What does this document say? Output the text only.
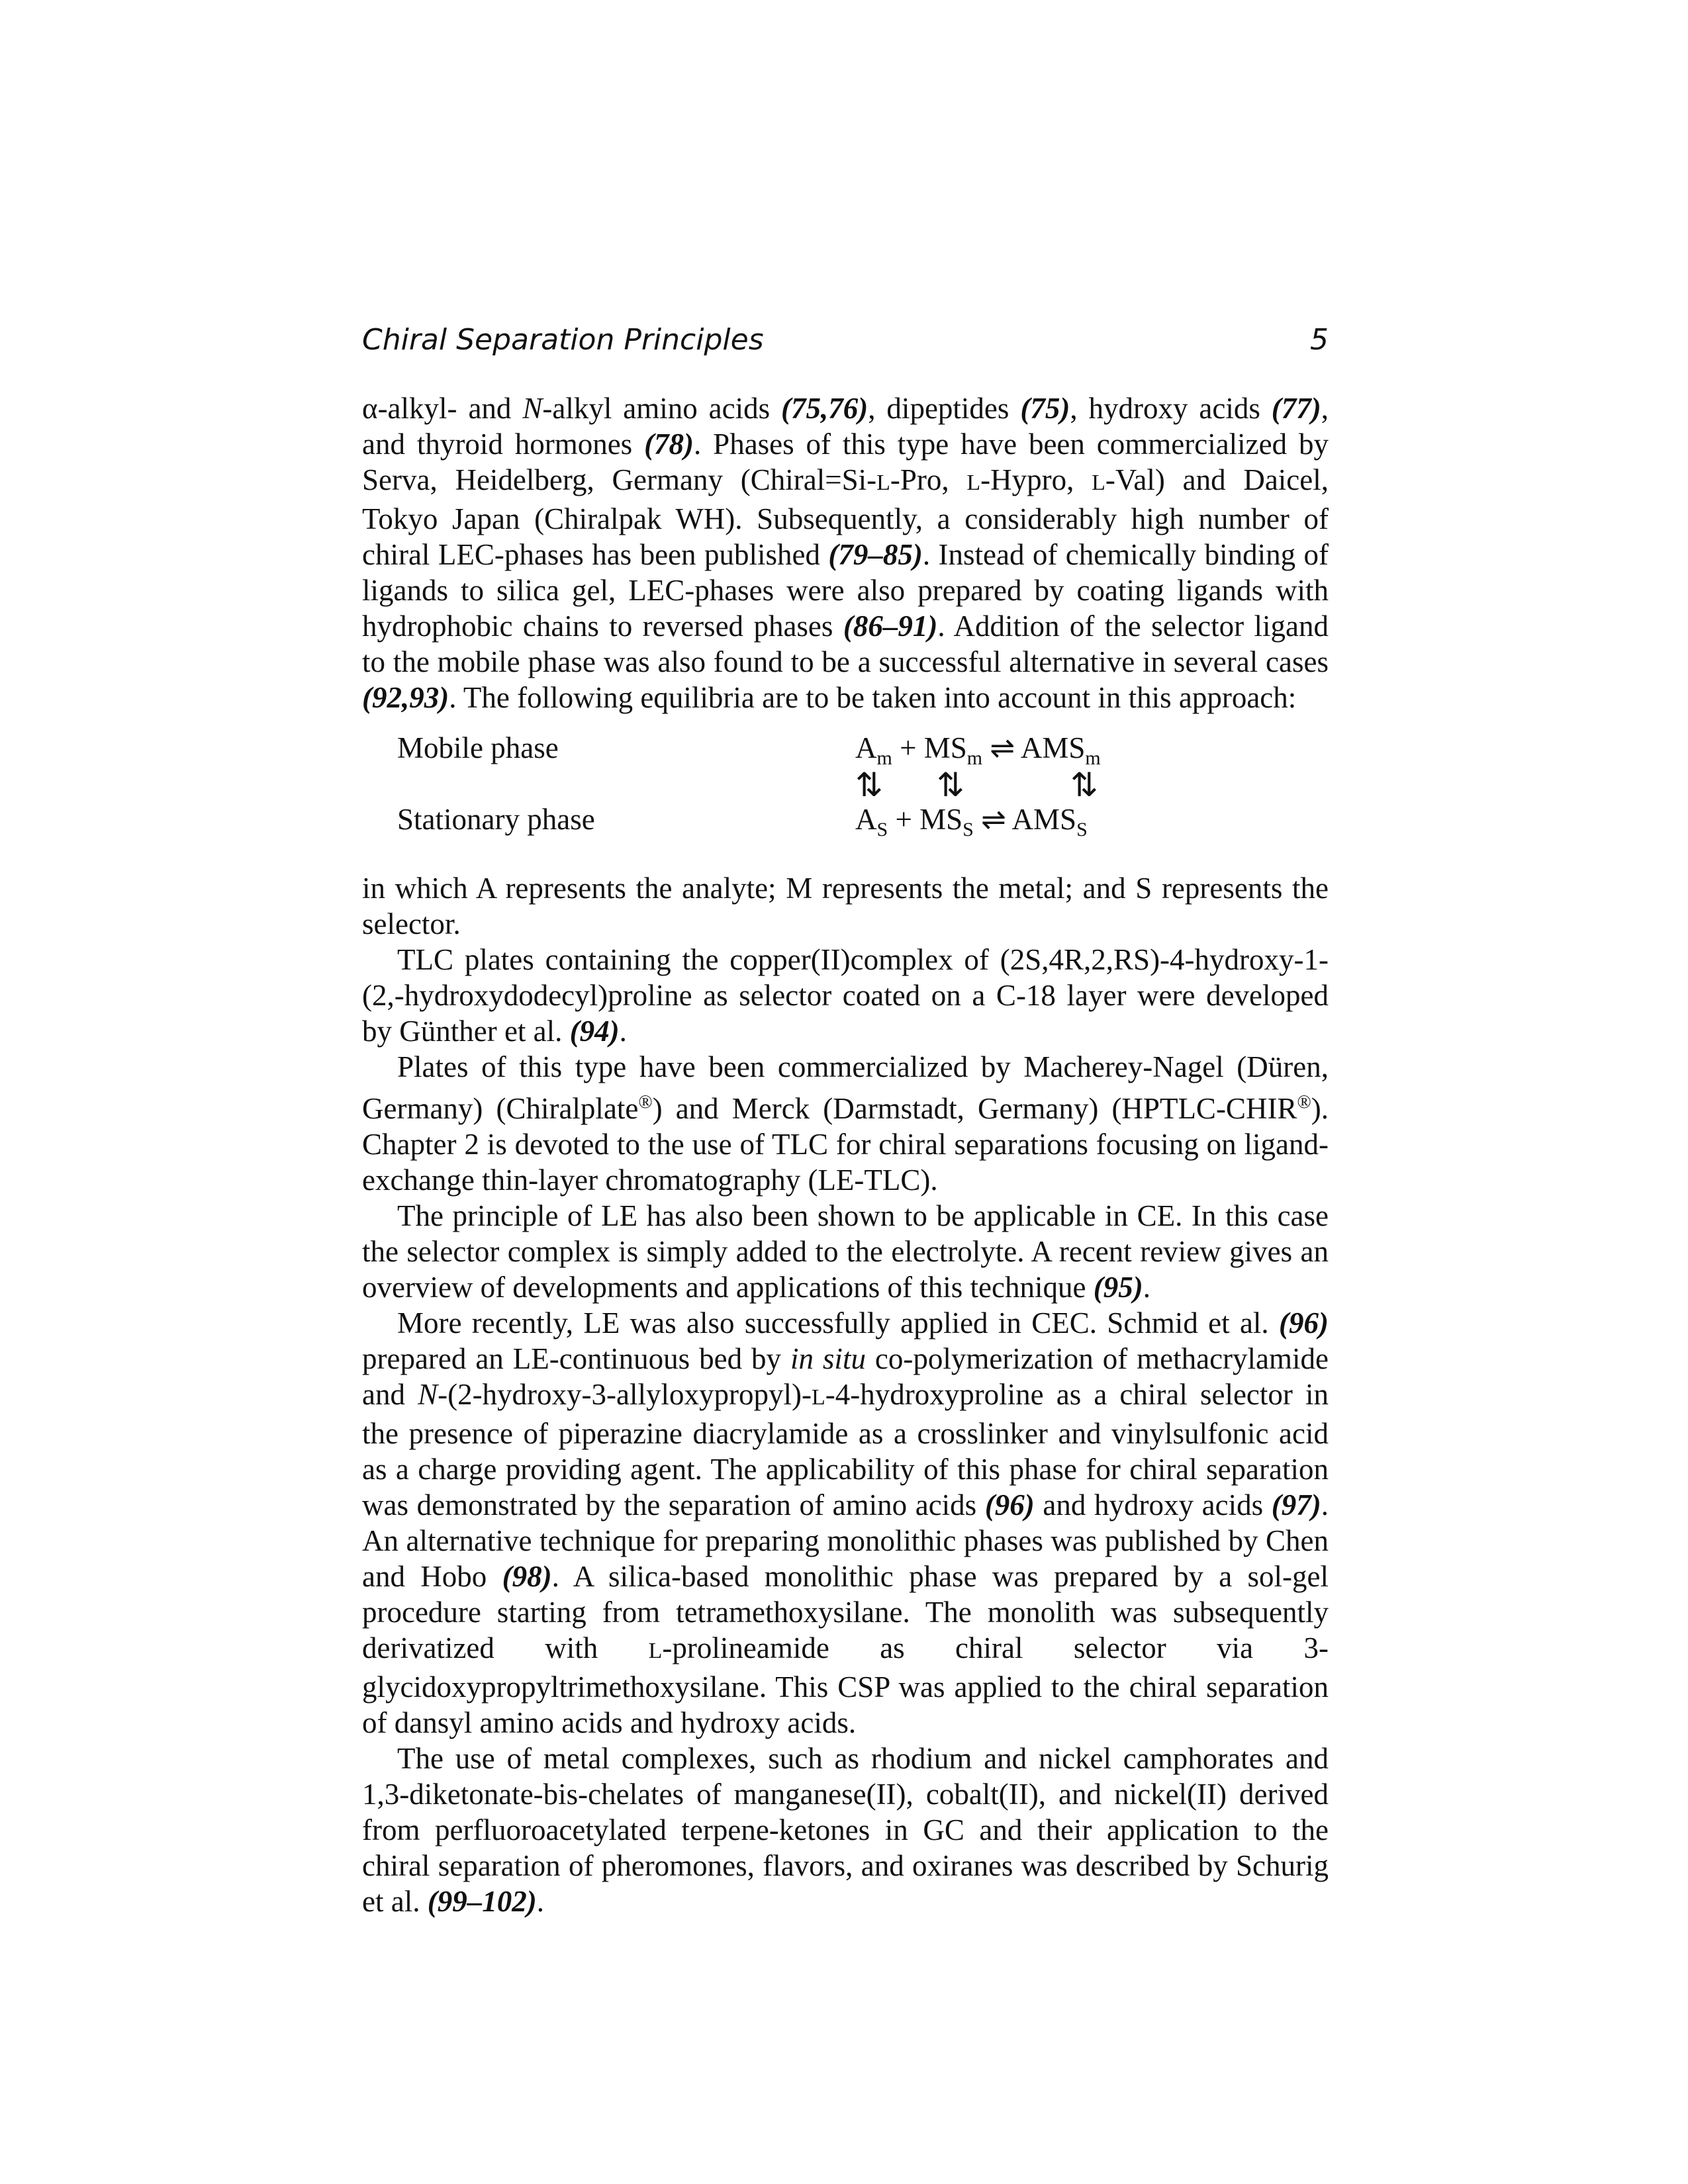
Chiral Separation Principles	5

α-alkyl- and N-alkyl amino acids (75,76), dipeptides (75), hydroxy acids (77), and thyroid hormones (78). Phases of this type have been commercialized by Serva, Heidelberg, Germany (Chiral=Si-L-Pro, L-Hypro, L-Val) and Daicel, Tokyo Japan (Chiralpak WH). Subsequently, a considerably high number of chiral LEC-phases has been published (79–85). Instead of chemically binding of ligands to silica gel, LEC-phases were also prepared by coating ligands with hydrophobic chains to reversed phases (86–91). Addition of the selector ligand to the mobile phase was also found to be a successful alternative in several cases (92,93). The following equilibria are to be taken into account in this approach:

Mobile phase
Stationary phase
$A_m + MS_m$ ⇌ $AMS_m$
⇅ ⇅	⇅
$A_S + MS_S$ ⇌ $AMS_S$

in which A represents the analyte; M represents the metal; and S represents the selector.

TLC plates containing the copper(II)complex of (2S,4R,2,RS)-4-hydroxy-1-(2,-hydroxydodecyl)proline as selector coated on a C-18 layer were developed by Günther et al. (94).

Plates of this type have been commercialized by Macherey-Nagel (Düren, Germany) (Chiralplate®) and Merck (Darmstadt, Germany) (HPTLC-CHIR®). Chapter 2 is devoted to the use of TLC for chiral separations focusing on ligand-exchange thin-layer chromatography (LE-TLC).

The principle of LE has also been shown to be applicable in CE. In this case the selector complex is simply added to the electrolyte. A recent review gives an overview of developments and applications of this technique (95).

More recently, LE was also successfully applied in CEC. Schmid et al. (96) prepared an LE-continuous bed by in situ co-polymerization of methacrylamide and N-(2-hydroxy-3-allyloxypropyl)-L-4-hydroxyproline as a chiral selector in the presence of piperazine diacrylamide as a crosslinker and vinylsulfonic acid as a charge providing agent. The applicability of this phase for chiral separation was demonstrated by the separation of amino acids (96) and hydroxy acids (97). An alternative technique for preparing monolithic phases was published by Chen and Hobo (98). A silica-based monolithic phase was prepared by a sol-gel procedure starting from tetramethoxysilane. The monolith was subsequently derivatized with L-prolineamide as chiral selector via 3-glycidoxypropyltrimethoxysilane. This CSP was applied to the chiral separation of dansyl amino acids and hydroxy acids.

The use of metal complexes, such as rhodium and nickel camphorates and 1,3-diketonate-bis-chelates of manganese(II), cobalt(II), and nickel(II) derived from perfluoroacetylated terpene-ketones in GC and their application to the chiral separation of pheromones, flavors, and oxiranes was described by Schurig et al. (99–102).
